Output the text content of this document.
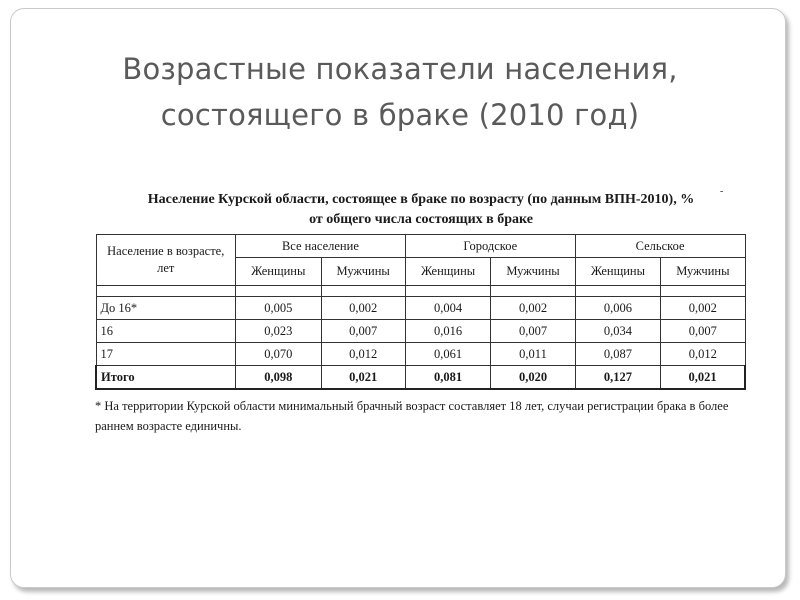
Возрастные показатели населения,
состоящего в браке (2010 год)
-
Население Курской области, состоящее в браке по возрасту (по данным ВПН-2010), %
от общего числа состоящих в браке
Население в возрасте, лет	Все население		Городское		Сельское	
	Женщины	Мужчины	Женщины	Мужчины	Женщины	Мужчины

До 16*	0,005	0,002	0,004	0,002	0,006	0,002
16	0,023	0,007	0,016	0,007	0,034	0,007
17	0,070	0,012	0,061	0,011	0,087	0,012
Итого	0,098	0,021	0,081	0,020	0,127	0,021
* На территории Курской области минимальный брачный возраст составляет 18 лет, случаи регистрации брака в более раннем возрасте единичны.
